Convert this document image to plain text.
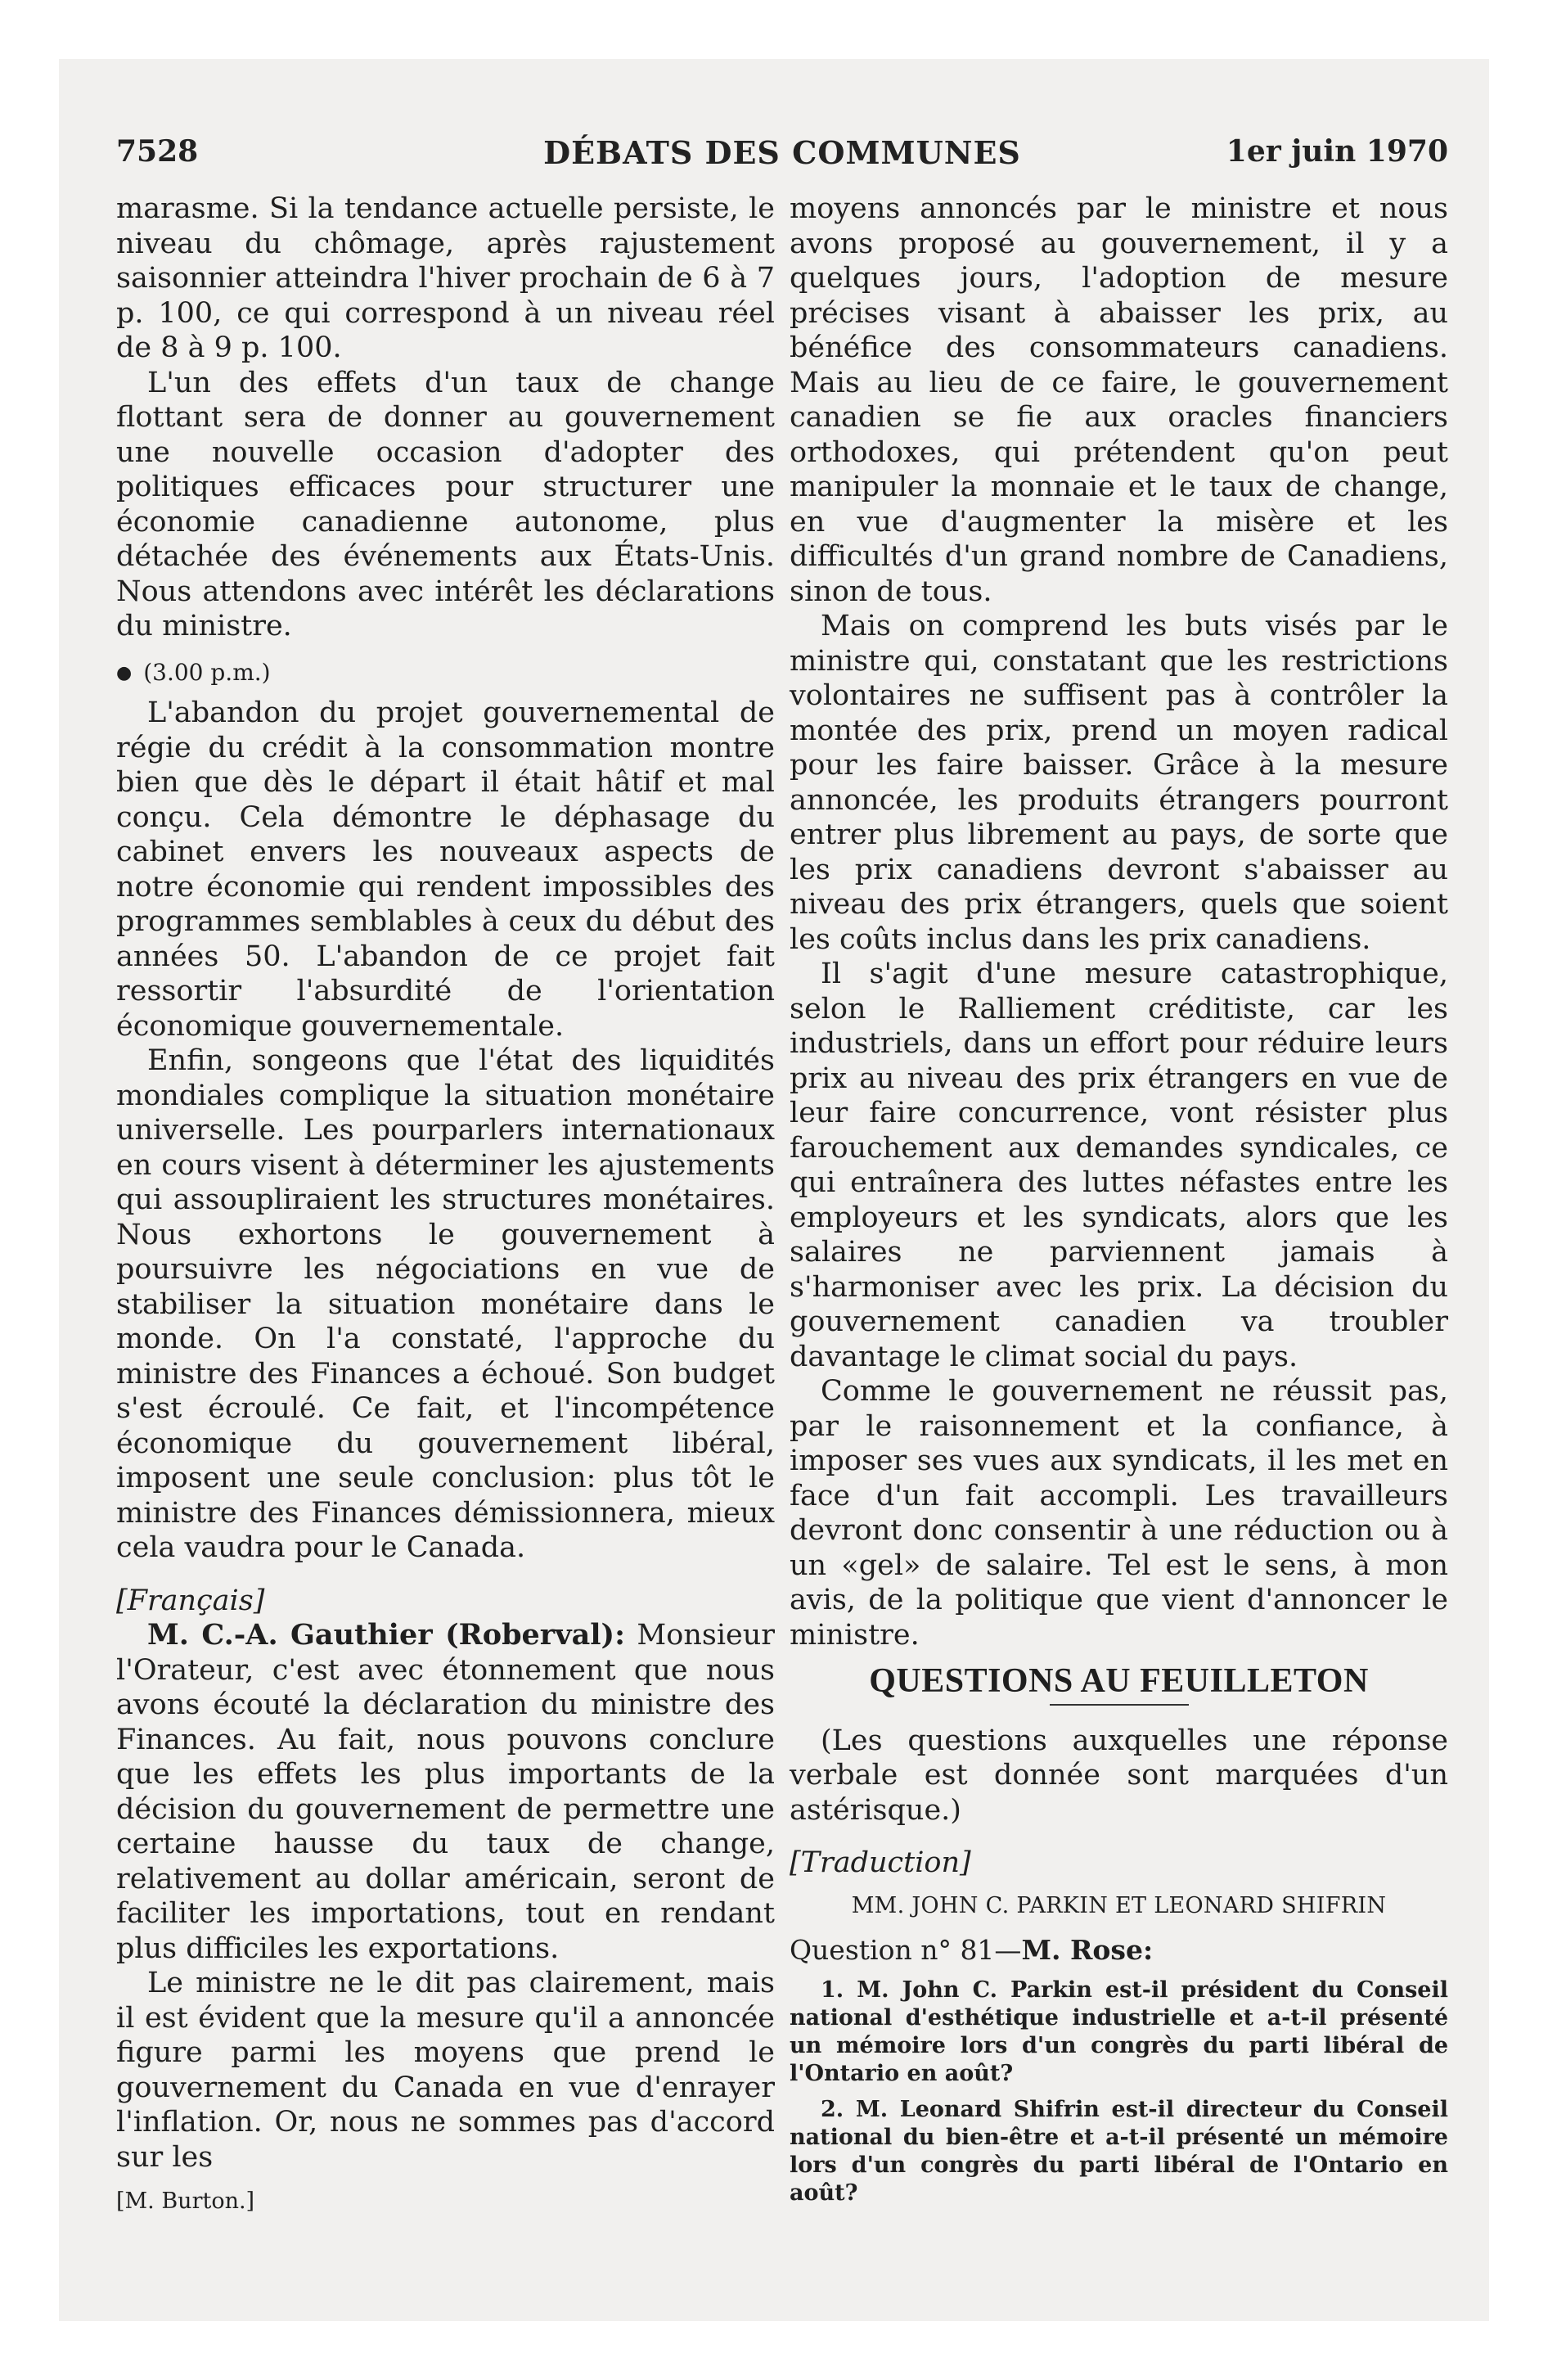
7528	DÉBATS DES COMMUNES	1er juin 1970

marasme. Si la tendance actuelle persiste, le niveau du chômage, après rajustement saisonnier atteindra l'hiver prochain de 6 à 7 p. 100, ce qui correspond à un niveau réel de 8 à 9 p. 100.

L'un des effets d'un taux de change flottant sera de donner au gouvernement une nouvelle occasion d'adopter des politiques efficaces pour structurer une économie canadienne autonome, plus détachée des événements aux États-Unis. Nous attendons avec intérêt les déclarations du ministre.

● (3.00 p.m.)

L'abandon du projet gouvernemental de régie du crédit à la consommation montre bien que dès le départ il était hâtif et mal conçu. Cela démontre le déphasage du cabinet envers les nouveaux aspects de notre économie qui rendent impossibles des programmes semblables à ceux du début des années 50. L'abandon de ce projet fait ressortir l'absurdité de l'orientation économique gouvernementale.

Enfin, songeons que l'état des liquidités mondiales complique la situation monétaire universelle. Les pourparlers internationaux en cours visent à déterminer les ajustements qui assoupliraient les structures monétaires. Nous exhortons le gouvernement à poursuivre les négociations en vue de stabiliser la situation monétaire dans le monde. On l'a constaté, l'approche du ministre des Finances a échoué. Son budget s'est écroulé. Ce fait, et l'incompétence économique du gouvernement libéral, imposent une seule conclusion: plus tôt le ministre des Finances démissionnera, mieux cela vaudra pour le Canada.

[Français]

M. C.-A. Gauthier (Roberval): Monsieur l'Orateur, c'est avec étonnement que nous avons écouté la déclaration du ministre des Finances. Au fait, nous pouvons conclure que les effets les plus importants de la décision du gouvernement de permettre une certaine hausse du taux de change, relativement au dollar américain, seront de faciliter les importations, tout en rendant plus difficiles les exportations.

Le ministre ne le dit pas clairement, mais il est évident que la mesure qu'il a annoncée figure parmi les moyens que prend le gouvernement du Canada en vue d'enrayer l'inflation. Or, nous ne sommes pas d'accord sur les

[M. Burton.]

moyens annoncés par le ministre et nous avons proposé au gouvernement, il y a quelques jours, l'adoption de mesure précises visant à abaisser les prix, au bénéfice des consommateurs canadiens. Mais au lieu de ce faire, le gouvernement canadien se fie aux oracles financiers orthodoxes, qui prétendent qu'on peut manipuler la monnaie et le taux de change, en vue d'augmenter la misère et les difficultés d'un grand nombre de Canadiens, sinon de tous.

Mais on comprend les buts visés par le ministre qui, constatant que les restrictions volontaires ne suffisent pas à contrôler la montée des prix, prend un moyen radical pour les faire baisser. Grâce à la mesure annoncée, les produits étrangers pourront entrer plus librement au pays, de sorte que les prix canadiens devront s'abaisser au niveau des prix étrangers, quels que soient les coûts inclus dans les prix canadiens.

Il s'agit d'une mesure catastrophique, selon le Ralliement créditiste, car les industriels, dans un effort pour réduire leurs prix au niveau des prix étrangers en vue de leur faire concurrence, vont résister plus farouchement aux demandes syndicales, ce qui entraînera des luttes néfastes entre les employeurs et les syndicats, alors que les salaires ne parviennent jamais à s'harmoniser avec les prix. La décision du gouvernement canadien va troubler davantage le climat social du pays.

Comme le gouvernement ne réussit pas, par le raisonnement et la confiance, à imposer ses vues aux syndicats, il les met en face d'un fait accompli. Les travailleurs devront donc consentir à une réduction ou à un «gel» de salaire. Tel est le sens, à mon avis, de la politique que vient d'annoncer le ministre.

QUESTIONS AU FEUILLETON

(Les questions auxquelles une réponse verbale est donnée sont marquées d'un astérisque.)

[Traduction]

MM. JOHN C. PARKIN ET LEONARD SHIFRIN

Question n° 81—M. Rose:

1. M. John C. Parkin est-il président du Conseil national d'esthétique industrielle et a-t-il présenté un mémoire lors d'un congrès du parti libéral de l'Ontario en août?

2. M. Leonard Shifrin est-il directeur du Conseil national du bien-être et a-t-il présenté un mémoire lors d'un congrès du parti libéral de l'Ontario en août?
